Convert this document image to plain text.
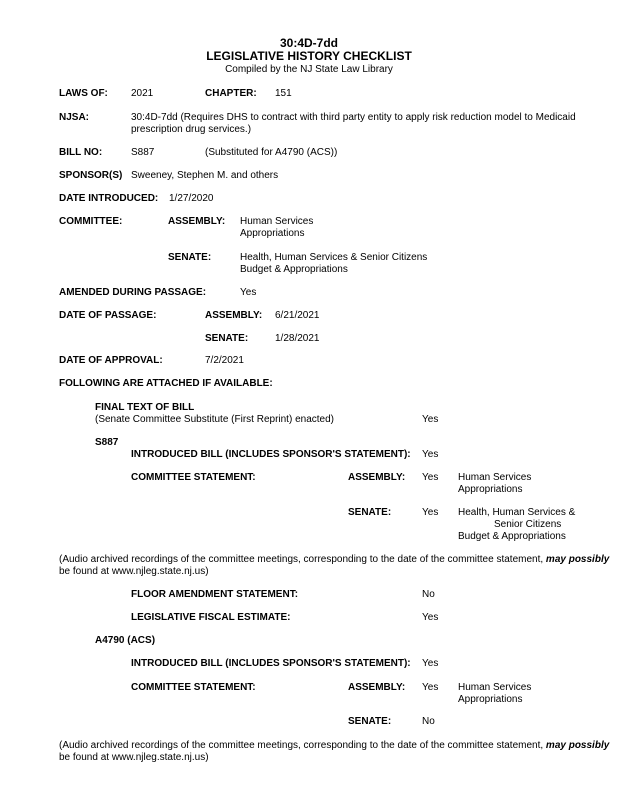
30:4D-7dd
LEGISLATIVE HISTORY CHECKLIST
Compiled by the NJ State Law Library
LAWS OF: 2021	CHAPTER: 151
NJSA:	30:4D-7dd (Requires DHS to contract with third party entity to apply risk reduction model to Medicaid
prescription drug services.)
BILL NO:	S887	(Substituted for A4790 (ACS))
SPONSOR(S) Sweeney, Stephen M. and others
DATE INTRODUCED: 1/27/2020
COMMITTEE:	ASSEMBLY: Human Services
Appropriations
SENATE:	Health, Human Services & Senior Citizens
Budget & Appropriations
AMENDED DURING PASSAGE:	Yes
DATE OF PASSAGE:	ASSEMBLY: 6/21/2021
SENATE:	1/28/2021
DATE OF APPROVAL:	7/2/2021
FOLLOWING ARE ATTACHED IF AVAILABLE:
FINAL TEXT OF BILL
(Senate Committee Substitute (First Reprint) enacted)	Yes
S887
INTRODUCED BILL (INCLUDES SPONSOR'S STATEMENT): Yes
COMMITTEE STATEMENT:	ASSEMBLY: Yes Human Services
Appropriations
SENATE:	Yes Health, Human Services &
Senior Citizens
Budget & Appropriations
(Audio archived recordings of the committee meetings, corresponding to the date of the committee statement, may possibly
be found at www.njleg.state.nj.us)
FLOOR AMENDMENT STATEMENT:	No
LEGISLATIVE FISCAL ESTIMATE:	Yes
A4790 (ACS)
INTRODUCED BILL (INCLUDES SPONSOR'S STATEMENT): Yes
COMMITTEE STATEMENT:	ASSEMBLY: Yes Human Services
Appropriations
SENATE:	No
(Audio archived recordings of the committee meetings, corresponding to the date of the committee statement, may possibly
be found at www.njleg.state.nj.us)
